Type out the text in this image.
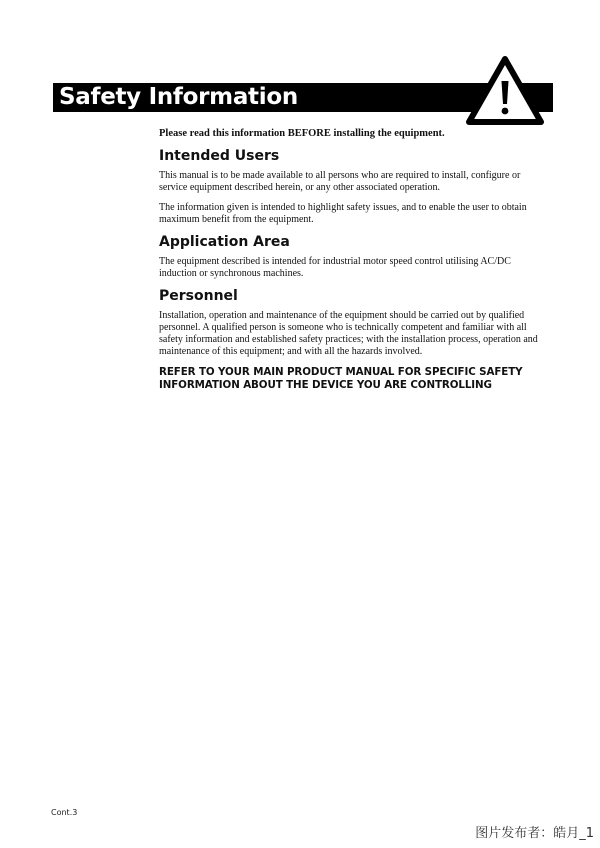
Safety Information
Please read this information BEFORE installing the equipment.
Intended Users

This manual is to be made available to all persons who are required to install, configure or service equipment described herein, or any other associated operation.

The information given is intended to highlight safety issues, and to enable the user to obtain maximum benefit from the equipment.

Application Area

The equipment described is intended for industrial motor speed control utilising AC/DC induction or synchronous machines.

Personnel

Installation, operation and maintenance of the equipment should be carried out by qualified personnel. A qualified person is someone who is technically competent and familiar with all safety information and established safety practices; with the installation process, operation and maintenance of this equipment; and with all the hazards involved.

REFER TO YOUR MAIN PRODUCT MANUAL FOR SPECIFIC SAFETY INFORMATION ABOUT THE DEVICE YOU ARE CONTROLLING
Cont.3
图片发布者：皓月_1
